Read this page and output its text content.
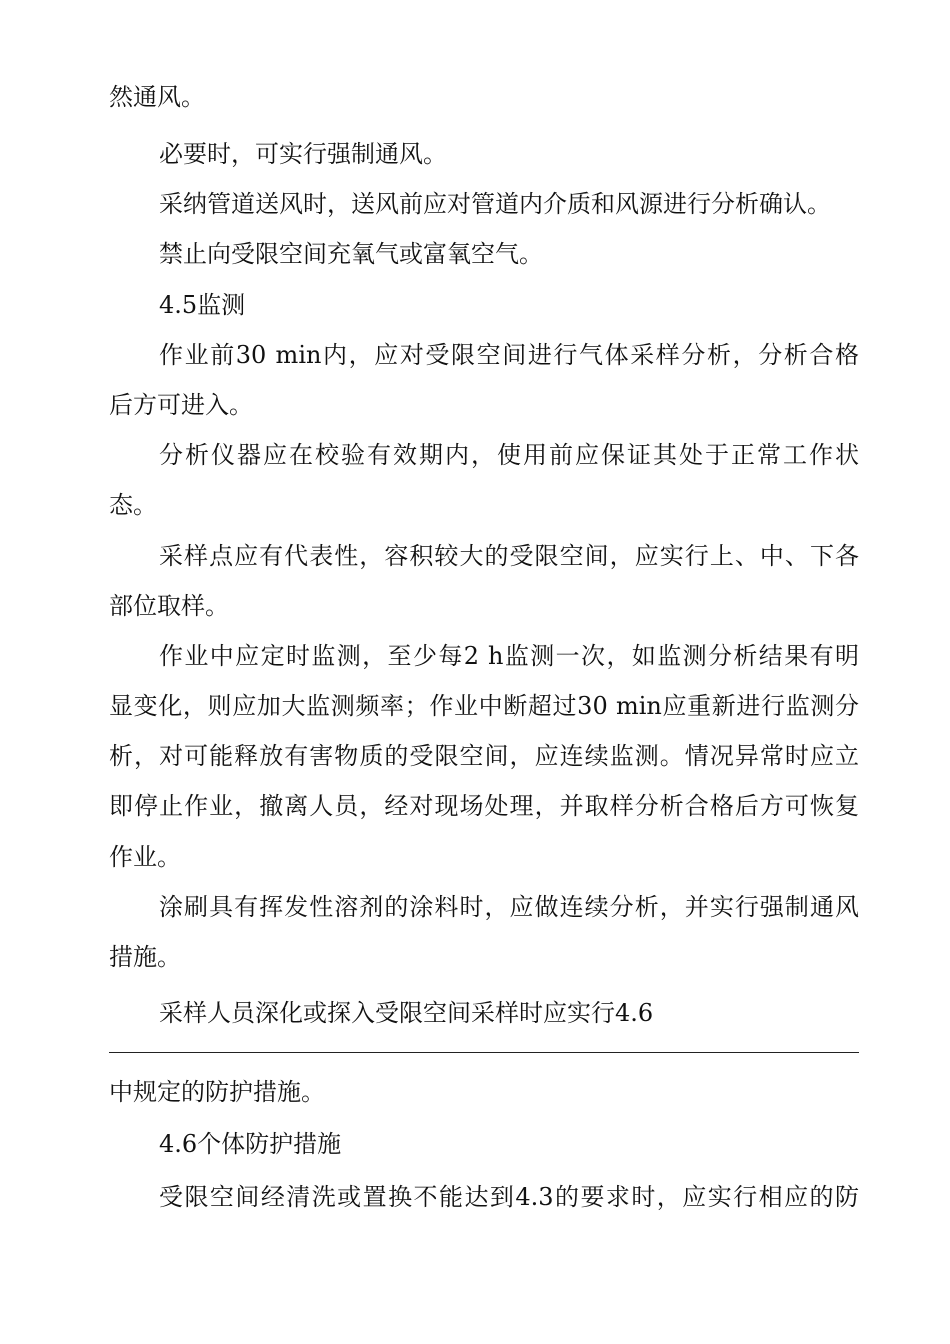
然通风。
必要时，可实行强制通风。
采纳管道送风时，送风前应对管道内介质和风源进行分析确认。
禁止向受限空间充氧气或富氧空气。
4.5监测
作业前30 min内，应对受限空间进行气体采样分析，分析合格
后方可进入。
分析仪器应在校验有效期内，使用前应保证其处于正常工作状
态。
采样点应有代表性，容积较大的受限空间，应实行上、中、下各
部位取样。
作业中应定时监测，至少每2 h监测一次，如监测分析结果有明
显变化，则应加大监测频率；作业中断超过30 min应重新进行监测分
析，对可能释放有害物质的受限空间，应连续监测。情况异常时应立
即停止作业，撤离人员，经对现场处理，并取样分析合格后方可恢复
作业。
涂刷具有挥发性溶剂的涂料时，应做连续分析，并实行强制通风
措施。
采样人员深化或探入受限空间采样时应实行4.6
中规定的防护措施。
4.6个体防护措施
受限空间经清洗或置换不能达到4.3的要求时，应实行相应的防
